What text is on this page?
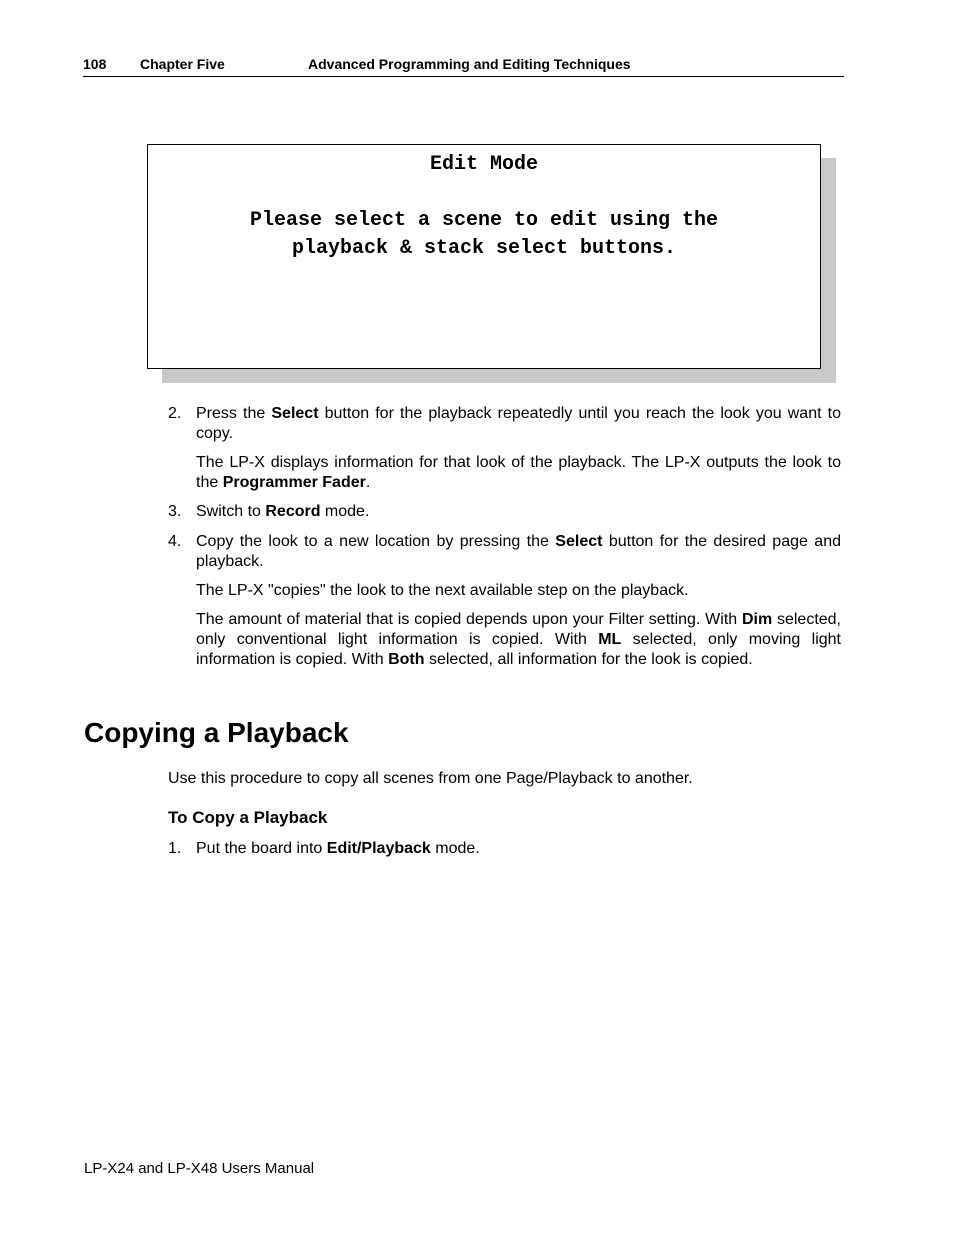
108 Chapter Five	Advanced Programming and Editing Techniques
Edit Mode
Please select a scene to edit using the
playback & stack select buttons.
2. Press the Select button for the playback repeatedly until you reach the look you want to copy.
The LP-X displays information for that look of the playback. The LP-X outputs the look to the Programmer Fader.
3. Switch to Record mode.
4. Copy the look to a new location by pressing the Select button for the desired page and playback.
The LP-X "copies" the look to the next available step on the playback.
The amount of material that is copied depends upon your Filter setting. With Dim selected, only conventional light information is copied. With ML selected, only moving light information is copied. With Both selected, all information for the look is copied.
Copying a Playback
Use this procedure to copy all scenes from one Page/Playback to another.
To Copy a Playback
1. Put the board into Edit/Playback mode.
LP-X24 and LP-X48 Users Manual
